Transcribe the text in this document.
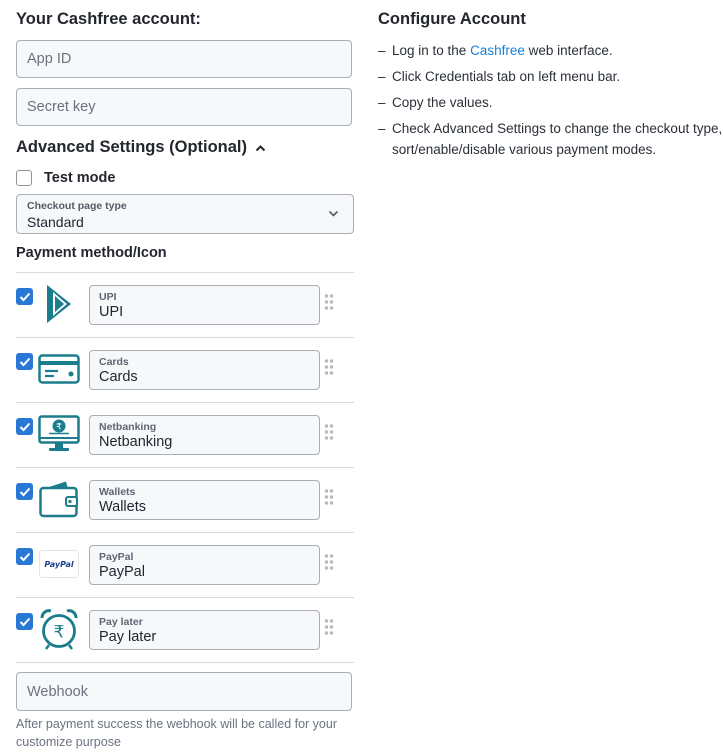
Your Cashfree account:
App ID
Secret key
Advanced Settings (Optional)
Test mode
Checkout page type
Standard
Payment method/Icon
UPI
UPI
Cards
Cards
₹	Netbanking
Netbanking
Wallets
Wallets
PayPal
PayPal
PayPal
₹
Pay later
Pay later
Webhook
After payment success the webhook will be called for your customize purpose
Configure Account
– Log in to the Cashfree web interface.
– Click Credentials tab on left menu bar.
– Copy the values.
– Check Advanced Settings to change the checkout type, sort/enable/disable various payment modes.
